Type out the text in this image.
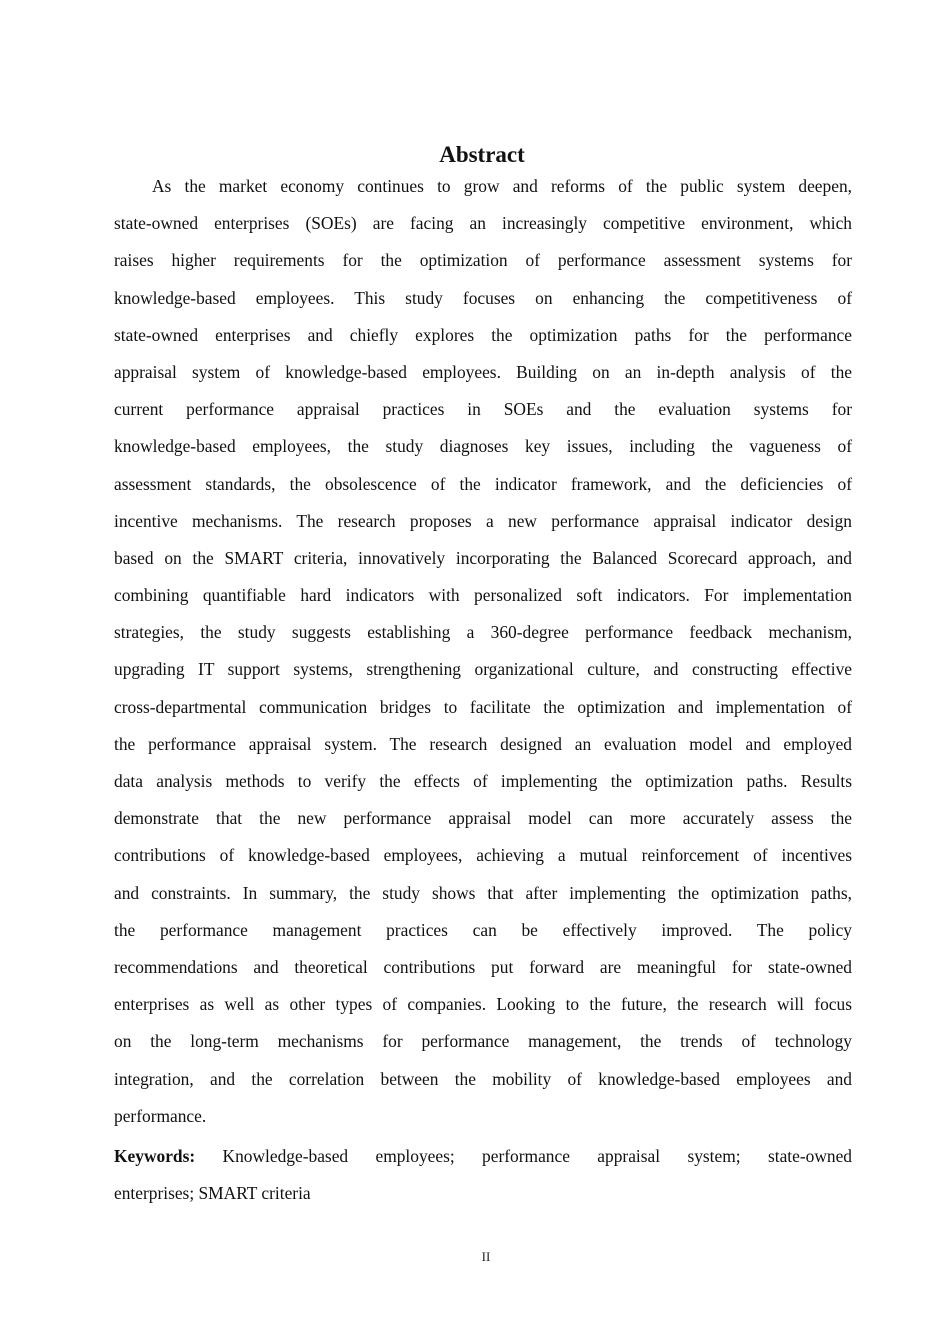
Abstract
As the market economy continues to grow and reforms of the public system deepen,
state-owned enterprises (SOEs) are facing an increasingly competitive environment, which
raises higher requirements for the optimization of performance assessment systems for
knowledge-based employees. This study focuses on enhancing the competitiveness of
state-owned enterprises and chiefly explores the optimization paths for the performance
appraisal system of knowledge-based employees. Building on an in-depth analysis of the
current performance appraisal practices in SOEs and the evaluation systems for
knowledge-based employees, the study diagnoses key issues, including the vagueness of
assessment standards, the obsolescence of the indicator framework, and the deficiencies of
incentive mechanisms. The research proposes a new performance appraisal indicator design
based on the SMART criteria, innovatively incorporating the Balanced Scorecard approach, and
combining quantifiable hard indicators with personalized soft indicators. For implementation
strategies, the study suggests establishing a 360-degree performance feedback mechanism,
upgrading IT support systems, strengthening organizational culture, and constructing effective
cross-departmental communication bridges to facilitate the optimization and implementation of
the performance appraisal system. The research designed an evaluation model and employed
data analysis methods to verify the effects of implementing the optimization paths. Results
demonstrate that the new performance appraisal model can more accurately assess the
contributions of knowledge-based employees, achieving a mutual reinforcement of incentives
and constraints. In summary, the study shows that after implementing the optimization paths,
the performance management practices can be effectively improved. The policy
recommendations and theoretical contributions put forward are meaningful for state-owned
enterprises as well as other types of companies. Looking to the future, the research will focus
on the long-term mechanisms for performance management, the trends of technology
integration, and the correlation between the mobility of knowledge-based employees and
performance.
Keywords: Knowledge-based employees; performance appraisal system; state-owned
enterprises; SMART criteria
II
